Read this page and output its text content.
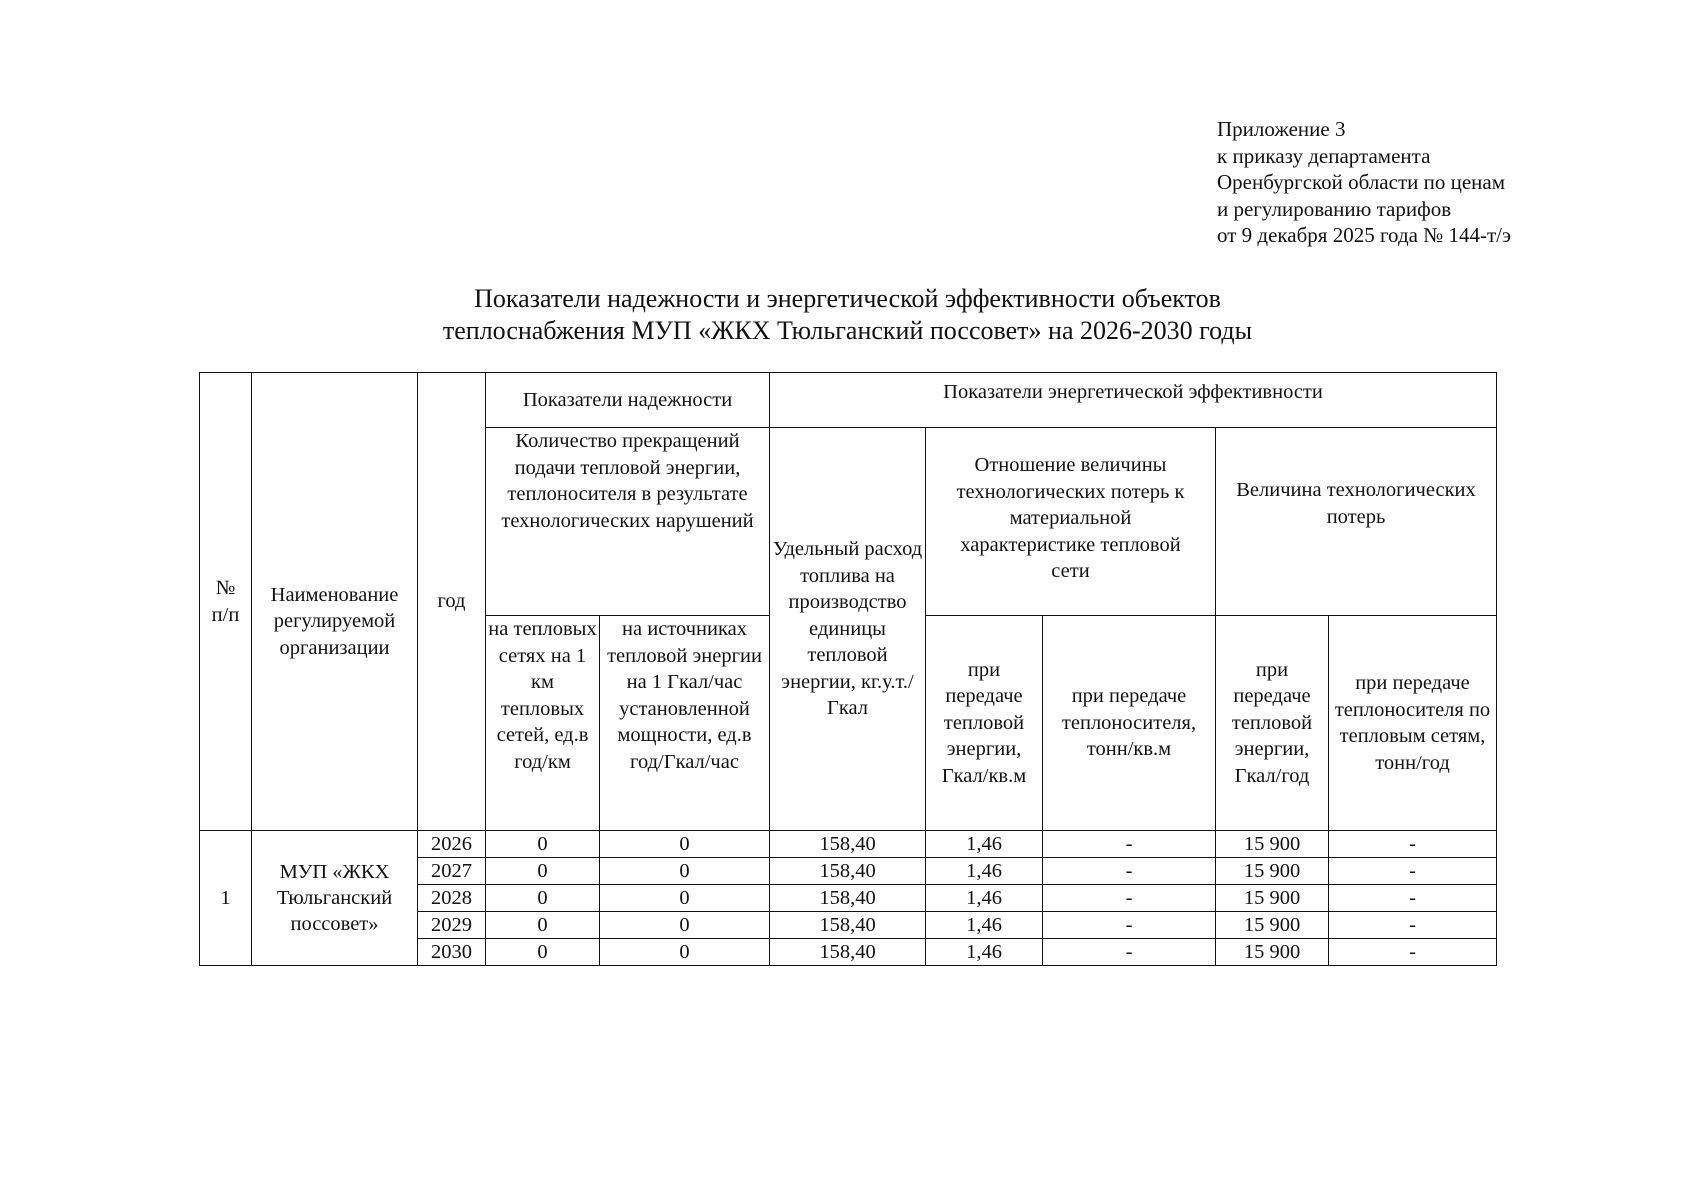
Приложение 3
к приказу департамента
Оренбургской области по ценам
и регулированию тарифов
от 9 декабря 2025 года № 144-т/э
Показатели надежности и энергетической эффективности объектов
теплоснабжения МУП «ЖКХ Тюльганский поссовет» на 2026-2030 годы
№ п/п	Наименование регулируемой организации	год	Показатели надежности		Показатели энергетической эффективности				
			Количество прекращений подачи тепловой энергии, теплоносителя в результате технологических нарушений		Удельный расход топлива на производство единицы тепловой энергии, кг.у.т./Гкал	Отношение величины технологических потерь к материальной характеристике тепловой сети		Величина технологических потерь	
			на тепловых сетях на 1 км тепловых сетей, ед.в год/км	на источниках тепловой энергии на 1 Гкал/час установленной мощности, ед.в год/Гкал/час		при передаче тепловой энергии, Гкал/кв.м	при передаче теплоносителя, тонн/кв.м	при передаче тепловой энергии, Гкал/год	при передаче теплоносителя по тепловым сетям, тонн/год
1	МУП «ЖКХ Тюльганский поссовет»	2026	0	0	158,40	1,46	-	15 900	-
		2027	0	0	158,40	1,46	-	15 900	-
		2028	0	0	158,40	1,46	-	15 900	-
		2029	0	0	158,40	1,46	-	15 900	-
		2030	0	0	158,40	1,46	-	15 900	-
